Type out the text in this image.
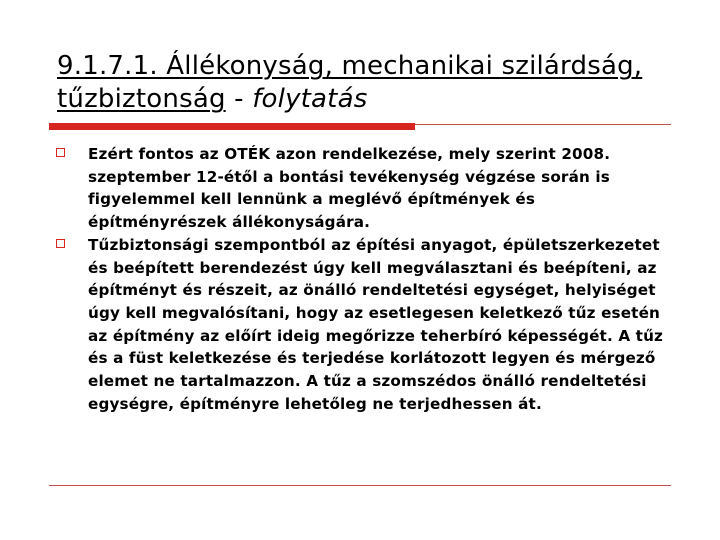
9.1.7.1. Állékonyság, mechanikai szilárdság, tűzbiztonság - folytatás
Ezért fontos az OTÉK azon rendelkezése, mely szerint 2008. szeptember 12-étől a bontási tevékenység végzése során is figyelemmel kell lennünk a meglévő építmények és építményrészek állékonyságára.
Tűzbiztonsági szempontból az építési anyagot, épületszerkezetet és beépített berendezést úgy kell megválasztani és beépíteni, az építményt és részeit, az önálló rendeltetési egységet, helyiséget úgy kell megvalósítani, hogy az esetlegesen keletkező tűz esetén az építmény az előírt ideig megőrizze teherbíró képességét. A tűz és a füst keletkezése és terjedése korlátozott legyen és mérgező elemet ne tartalmazzon. A tűz a szomszédos önálló rendeltetési egységre, építményre lehetőleg ne terjedhessen át.
